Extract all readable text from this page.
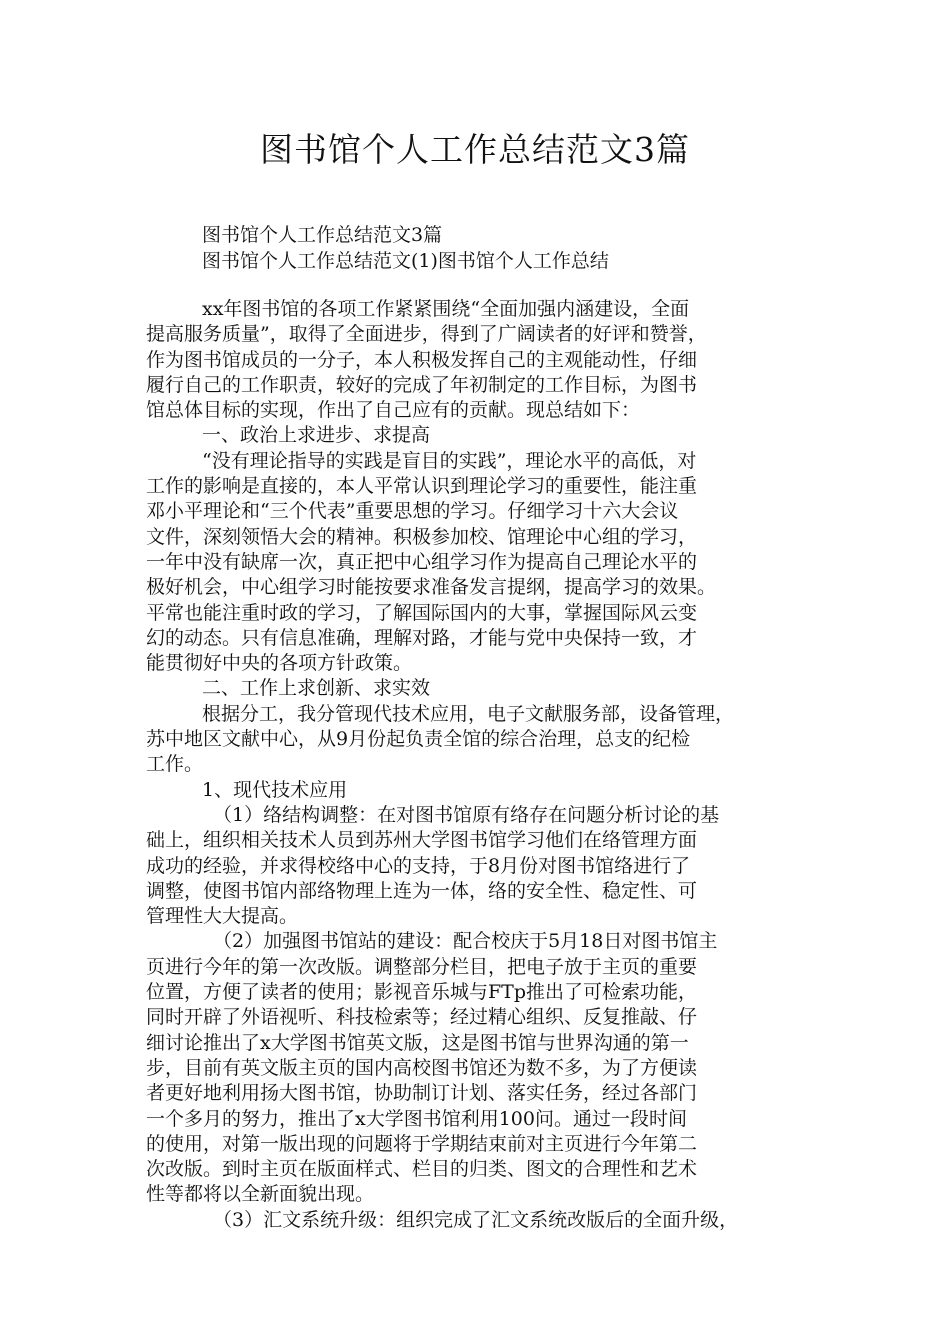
图书馆个人工作总结范文3篇
图书馆个人工作总结范文3篇
图书馆个人工作总结范文(1)图书馆个人工作总结
xx年图书馆的各项工作紧紧围绕“全面加强内涵建设，全面
提高服务质量”，取得了全面进步，得到了广阔读者的好评和赞誉，
作为图书馆成员的一分子，本人积极发挥自己的主观能动性，仔细
履行自己的工作职责，较好的完成了年初制定的工作目标，为图书
馆总体目标的实现，作出了自己应有的贡献。现总结如下：
一、政治上求进步、求提高
“没有理论指导的实践是盲目的实践”，理论水平的高低，对
工作的影响是直接的，本人平常认识到理论学习的重要性，能注重
邓小平理论和“三个代表”重要思想的学习。仔细学习十六大会议
文件，深刻领悟大会的精神。积极参加校、馆理论中心组的学习，
一年中没有缺席一次，真正把中心组学习作为提高自己理论水平的
极好机会，中心组学习时能按要求准备发言提纲，提高学习的效果。
平常也能注重时政的学习，了解国际国内的大事，掌握国际风云变
幻的动态。只有信息准确，理解对路，才能与党中央保持一致，才
能贯彻好中央的各项方针政策。
二、工作上求创新、求实效
根据分工，我分管现代技术应用，电子文献服务部，设备管理，
苏中地区文献中心，从9月份起负责全馆的综合治理，总支的纪检
工作。
1、现代技术应用
（1）络结构调整：在对图书馆原有络存在问题分析讨论的基
础上，组织相关技术人员到苏州大学图书馆学习他们在络管理方面
成功的经验，并求得校络中心的支持，于8月份对图书馆络进行了
调整，使图书馆内部络物理上连为一体，络的安全性、稳定性、可
管理性大大提高。
（2）加强图书馆站的建设：配合校庆于5月18日对图书馆主
页进行今年的第一次改版。调整部分栏目，把电子放于主页的重要
位置，方便了读者的使用；影视音乐城与FTp推出了可检索功能，
同时开辟了外语视听、科技检索等；经过精心组织、反复推敲、仔
细讨论推出了x大学图书馆英文版，这是图书馆与世界沟通的第一
步，目前有英文版主页的国内高校图书馆还为数不多，为了方便读
者更好地利用扬大图书馆，协助制订计划、落实任务，经过各部门
一个多月的努力，推出了x大学图书馆利用100问。通过一段时间
的使用，对第一版出现的问题将于学期结束前对主页进行今年第二
次改版。到时主页在版面样式、栏目的归类、图文的合理性和艺术
性等都将以全新面貌出现。
（3）汇文系统升级：组织完成了汇文系统改版后的全面升级，
